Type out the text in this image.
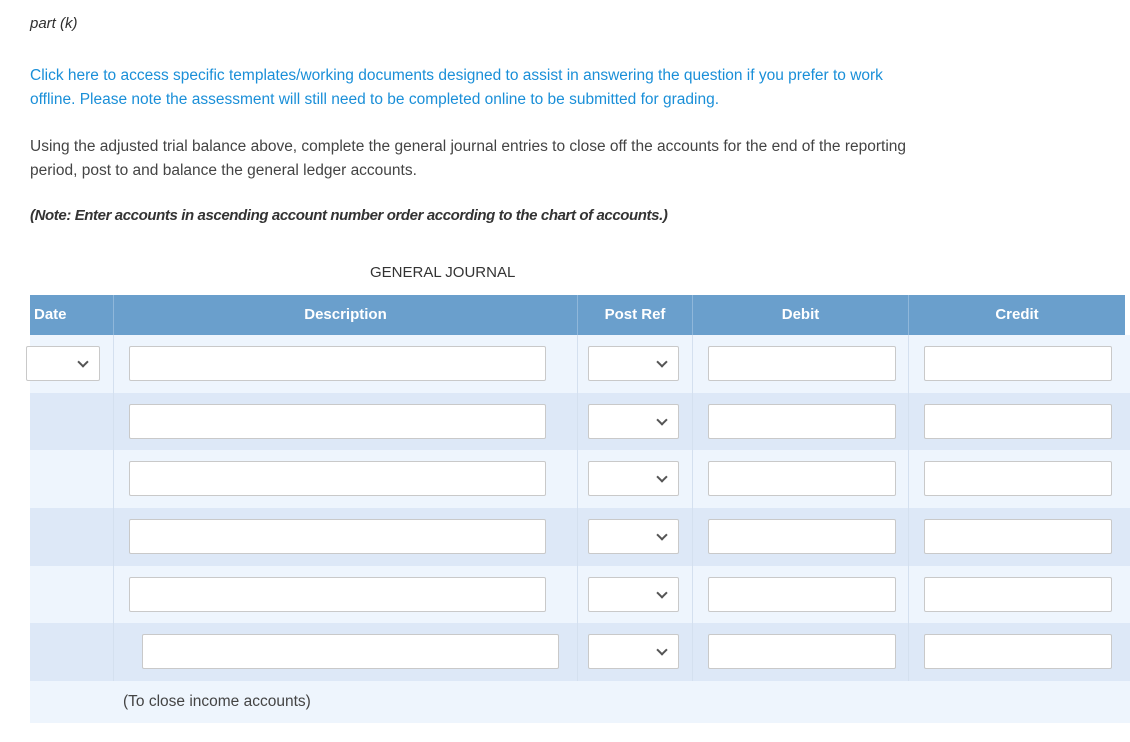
part (k)
Click here to access specific templates/working documents designed to assist in answering the question if you prefer to work
offline. Please note the assessment will still need to be completed online to be submitted for grading.
Using the adjusted trial balance above, complete the general journal entries to close off the accounts for the end of the reporting
period, post to and balance the general ledger accounts.
(Note: Enter accounts in ascending account number order according to the chart of accounts.)
GENERAL JOURNAL
Date	Description	Post Ref	Debit	Credit
(To close income accounts)
